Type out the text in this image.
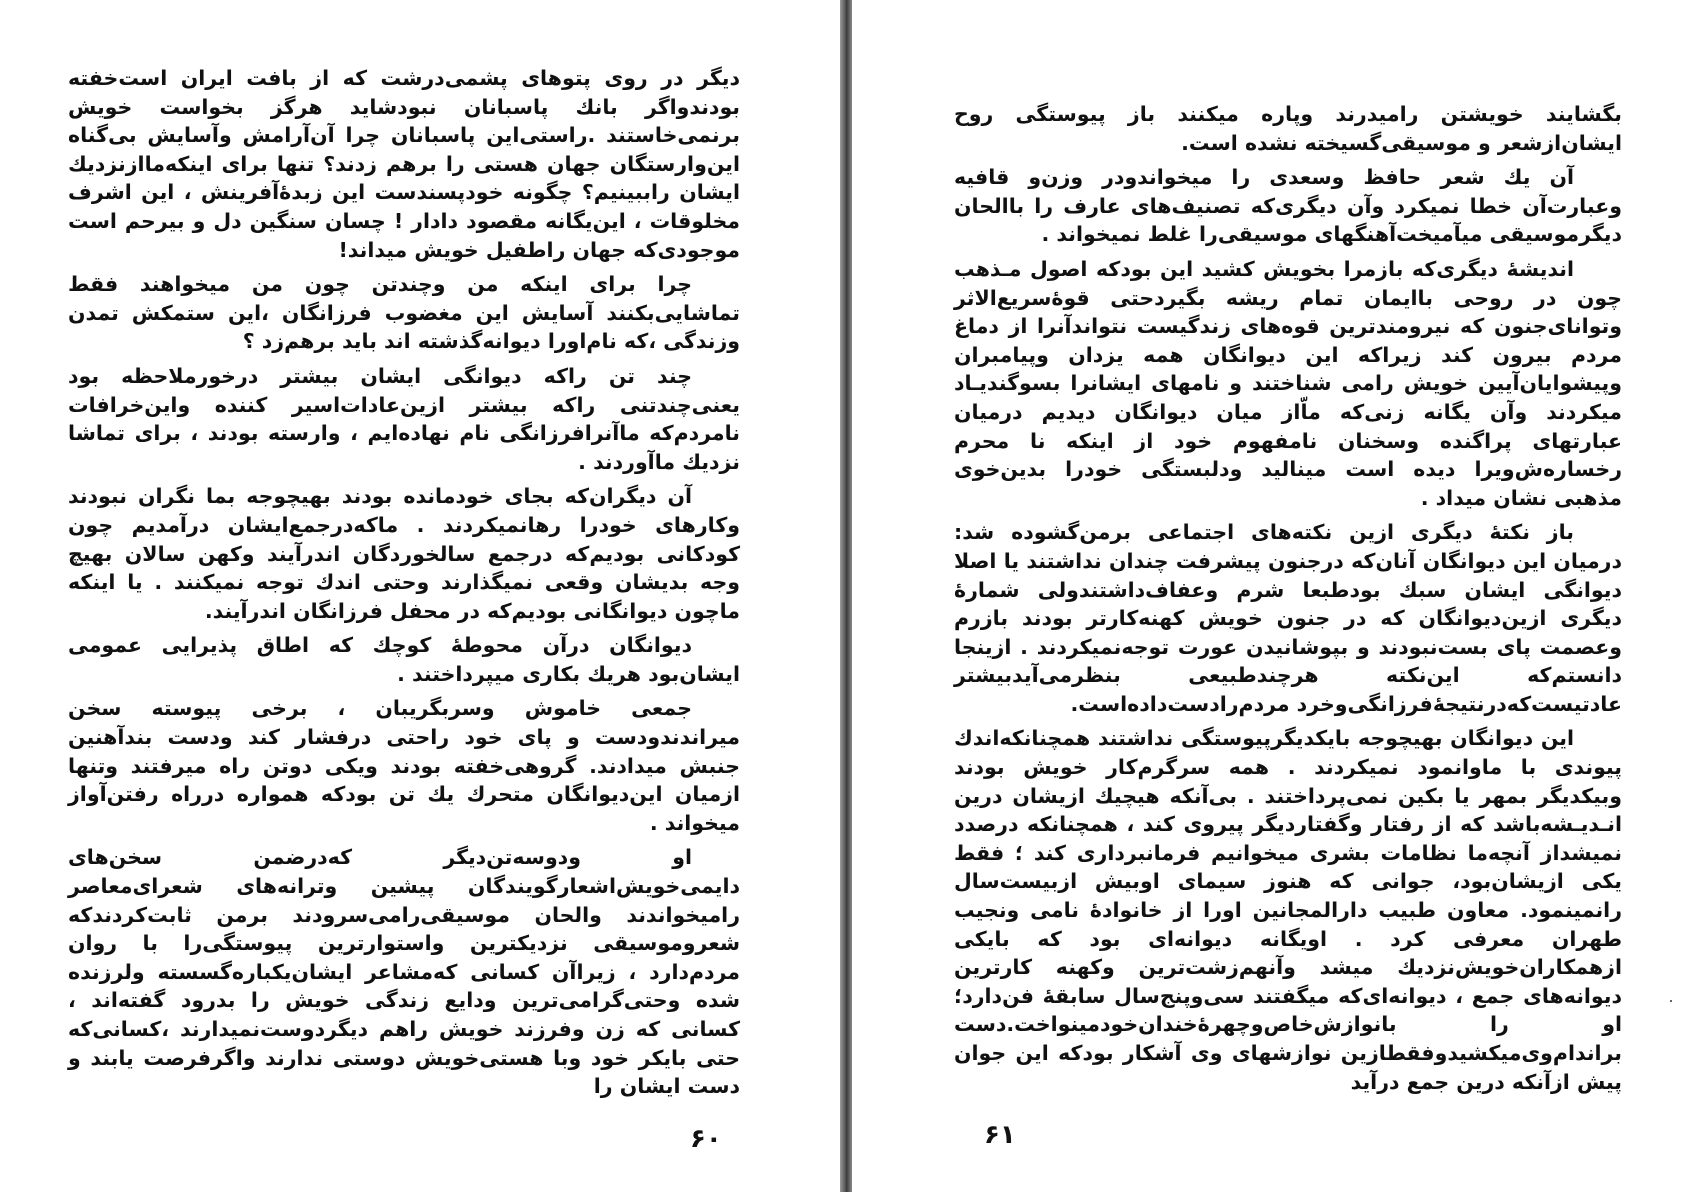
دیگر در روی پتوهای پشمی‌درشت که از بافت ایران است‌خفته بودندواگر بانك پاسبانان نبودشاید هرگز بخواست خویش برنمی‌خاستند .راستی‌این پاسبانان چرا آن‌آرامش وآسایش بی‌گناه این‌وارستگان جهان هستی را برهم زدند؟ تنها برای اینکه‌ما‌ازنزدیك ایشان را‌ببینیم؟ چگونه خودپسندست این زبدۀ‌آفرینش ، این اشرف مخلوقات ، این‌یگانه مقصود دادار ! چسان سنگین دل و بیرحم است موجودی‌که جهان راطفیل خویش میداند!

چرا برای اینکه من وچندتن چون من میخواهند فقط تماشایی‌بکنند آسایش این مغضوب فرزانگان ،این ستمکش تمدن وزندگی ،که نام‌اورا دیوانه‌گذشته اند باید برهم‌زد ؟

چند تن راکه دیوانگی ایشان بیشتر درخورملاحظه بود یعنی‌چندتنی راکه بیشتر ازین‌عادات‌اسیر کننده واین‌خرافات نامردم‌که ما‌آنرافرزانگی نام نهاده‌ایم ، وارسته بودند ، برای تماشا نزدیك ما‌آوردند .

آن دیگران‌که بجای خودمانده بودند بهیچوجه بما نگران نبودند وکارهای خودرا رهانمیکردند . ماکه‌درجمع‌ایشان درآمدیم چون کودکانی بودیم‌که درجمع سالخوردگان اندرآیند وکهن سالان بهیچ وجه بدیشان وقعی نمیگذارند وحتی اندك توجه نمیکنند . یا اینکه ماچون دیوانگانی بودیم‌که در محفل فرزانگان اندرآیند.

دیوانگان درآن محوطۀ کوچك که اطاق پذیرایی عمومی ایشان‌بود هریك بکاری میپرداختند .

جمعی خاموش وسربگریبان ، برخی پیوسته سخن میراندندودست و پای خود راحتی درفشار کند ودست بندآهنین جنبش میدادند. گروهی‌خفته بودند ویکی دوتن راه میرفتند وتنها ازمیان این‌دیوانگان متحرك یك تن بود‌که همواره درراه رفتن‌آواز میخواند .

او ودوسه‌تن‌دیگر که‌درضمن سخن‌های دایمی‌خویش‌اشعار‌گویندگان پیشین وترانه‌های شعرای‌معاصر رامیخواندند والحان موسیقی‌رامی‌سرودند برمن ثابت‌کردندکه شعروموسیقی نزدیکترین واستوارترین پیوستگی‌را با روان مردم‌دارد ، زیراآن کسانی که‌مشاعر ایشان‌یکباره‌گسسته ولرزنده شده وحتی‌گرامی‌ترین ودایع زندگی خویش را بدرود گفته‌اند ، کسانی که زن وفرزند خویش راهم دیگردوست‌نمیدارند ،کسانی‌که حتی بایکر خود وبا هستی‌خویش دوستی ندارند واگرفرصت یابند و دست ایشان را

۶۰

بگشایند خویشتن رامیدرند وپاره میکنند باز پیوستگی روح ایشان‌ازشعر و موسیقی‌گسیخته نشده است.

آن یك شعر حافظ وسعدی را میخواندودر وزن‌و قافیه وعبارت‌آن خطا نمیکرد وآن دیگری‌که تصنیف‌های عارف را باالحان دیگرموسیقی میآمیخت‌آهنگهای موسیقی‌را غلط نمیخواند .

اندیشۀ دیگری‌که بازمرا بخویش کشید این بود‌که اصول مـذهب چون در روحی باایمان تمام ریشه بگیردحتی قوۀ‌سریع‌الاثر وتوانای‌جنون که نیرومندترین قوه‌های زندگیست نتواندآنرا از دماغ مردم بیرون کند زیراکه این دیوانگان همه یزدان وپیامبران وپیشوایان‌آیین خویش رامی شناختند و نامهای ایشانرا بسوگندیـاد میکردند وآن یگانه زنی‌که ماّاز میان دیوانگان دیدیم درمیان عبارتهای پراگنده وسخنان نامفهوم خود از اینکه نا محرم رخساره‌ش‌ویرا دیده است مینالید ودلبستگی خودرا بدین‌خوی مذهبی نشان میداد .

باز نکتۀ دیگری ازین نکته‌های اجتماعی برمن‌گشوده شد: درمیان این دیوانگان آنان‌که درجنون پیشرفت چندان نداشتند یا اصلا دیوانگی ایشان سبك بودطبعا شرم وعفاف‌داشتندولی شمارۀ دیگری ازین‌دیوانگان که در جنون خویش کهنه‌کارتر بودند بازرم وعصمت پای بست‌نبودند و بپوشانیدن عورت توجه‌نمیکردند . ازینجا دانستم‌که این‌نکته هرچندطبیعی بنظرمی‌آیدبیشتر عادتیست‌که‌درنتیجۀ‌فرزانگی‌وخرد مردم‌رادست‌داده‌است.

این دیوانگان بهیچوجه بایکدیگر‌پیوستگی نداشتند همچنانکه‌اندك پیوندی با ماوانمود نمیکردند . همه سرگرم‌کار خویش بودند وبیکدیگر بمهر یا بکین نمی‌پرداختند . بی‌آنکه هیچیك ازیشان درین انـدیـشه‌باشد که از رفتار وگفتاردیگر پیروی کند ، همچنانکه درصدد نمیشداز آنچه‌ما نظامات بشری میخوانیم فرمانبرداری کند ؛ فقط یکی ازیشان‌بود، جوانی که هنوز سیمای اوبیش ازبیست‌سال رانمینمود. معاون طبیب دارالمجانین اورا از خانوادۀ نامی ونجیب طهران معرفی کرد . اویگانه دیوانه‌ای بود که بایکی ازهمکاران‌خویش‌نزدیك میشد وآنهم‌زشت‌ترین وکهنه کارترین دیوانه‌های جمع ، دیوانه‌ای‌که میگفتند سی‌وپنج‌سال سابقۀ فن‌دارد؛ او را بانوازش‌خاص‌وچهرۀ‌خندان‌خودمینواخت.دست براندام‌وی‌میکشیدوفقطاز‌ین نوازشهای وی آشکار بودکه این جوان پیش ازآنکه درین جمع درآید

۶۱
